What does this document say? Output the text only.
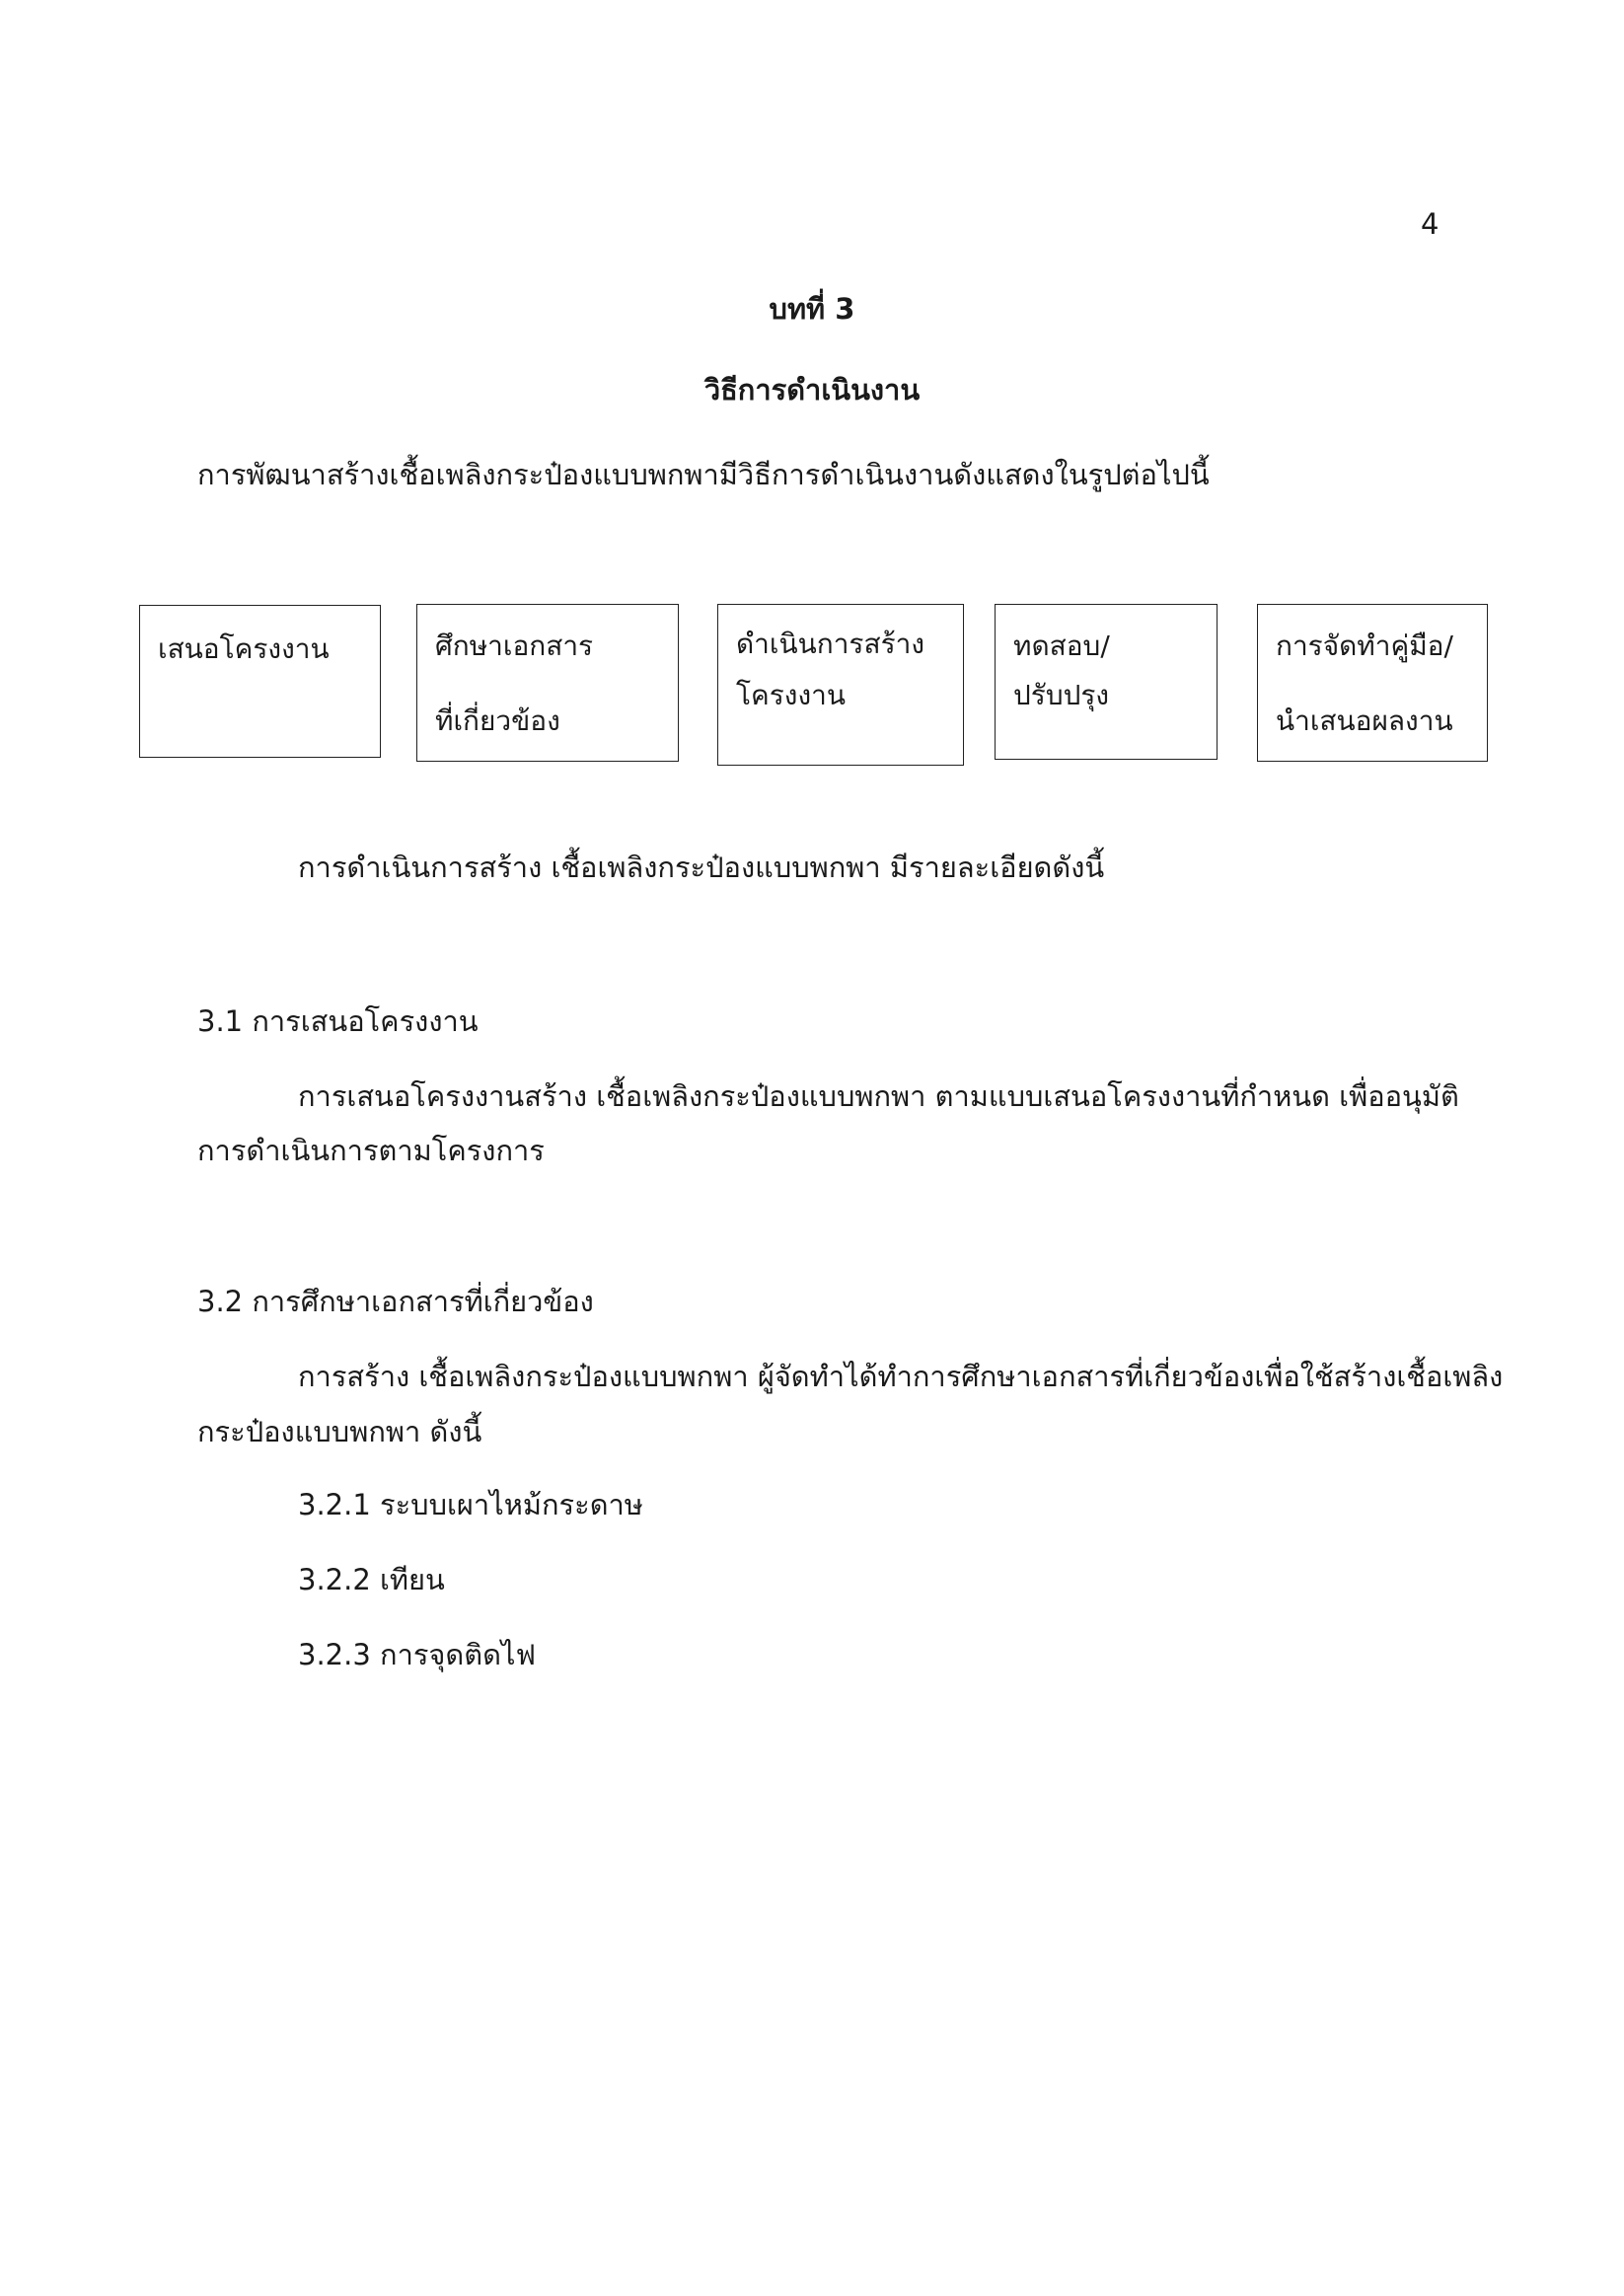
4
บทที่ 3
วิธีการดำเนินงาน
การพัฒนาสร้างเชื้อเพลิงกระป๋องแบบพกพามีวิธีการดำเนินงานดังแสดงในรูปต่อไปนี้
เสนอโครงงาน	ศึกษาเอกสาร
ที่เกี่ยวข้อง
ดำเนินการสร้าง
โครงงาน
ทดสอบ/
ปรับปรุง
การจัดทำคู่มือ/
นำเสนอผลงาน
การดำเนินการสร้าง เชื้อเพลิงกระป๋องแบบพกพา มีรายละเอียดดังนี้
3.1 การเสนอโครงงาน
การเสนอโครงงานสร้าง เชื้อเพลิงกระป๋องแบบพกพา ตามแบบเสนอโครงงานที่กำหนด เพื่ออนุมัติ
การดำเนินการตามโครงการ
3.2 การศึกษาเอกสารที่เกี่ยวข้อง
การสร้าง เชื้อเพลิงกระป๋องแบบพกพา ผู้จัดทำได้ทำการศึกษาเอกสารที่เกี่ยวข้องเพื่อใช้สร้างเชื้อเพลิง
กระป๋องแบบพกพา ดังนี้
3.2.1 ระบบเผาไหม้กระดาษ
3.2.2 เทียน
3.2.3 การจุดติดไฟ
